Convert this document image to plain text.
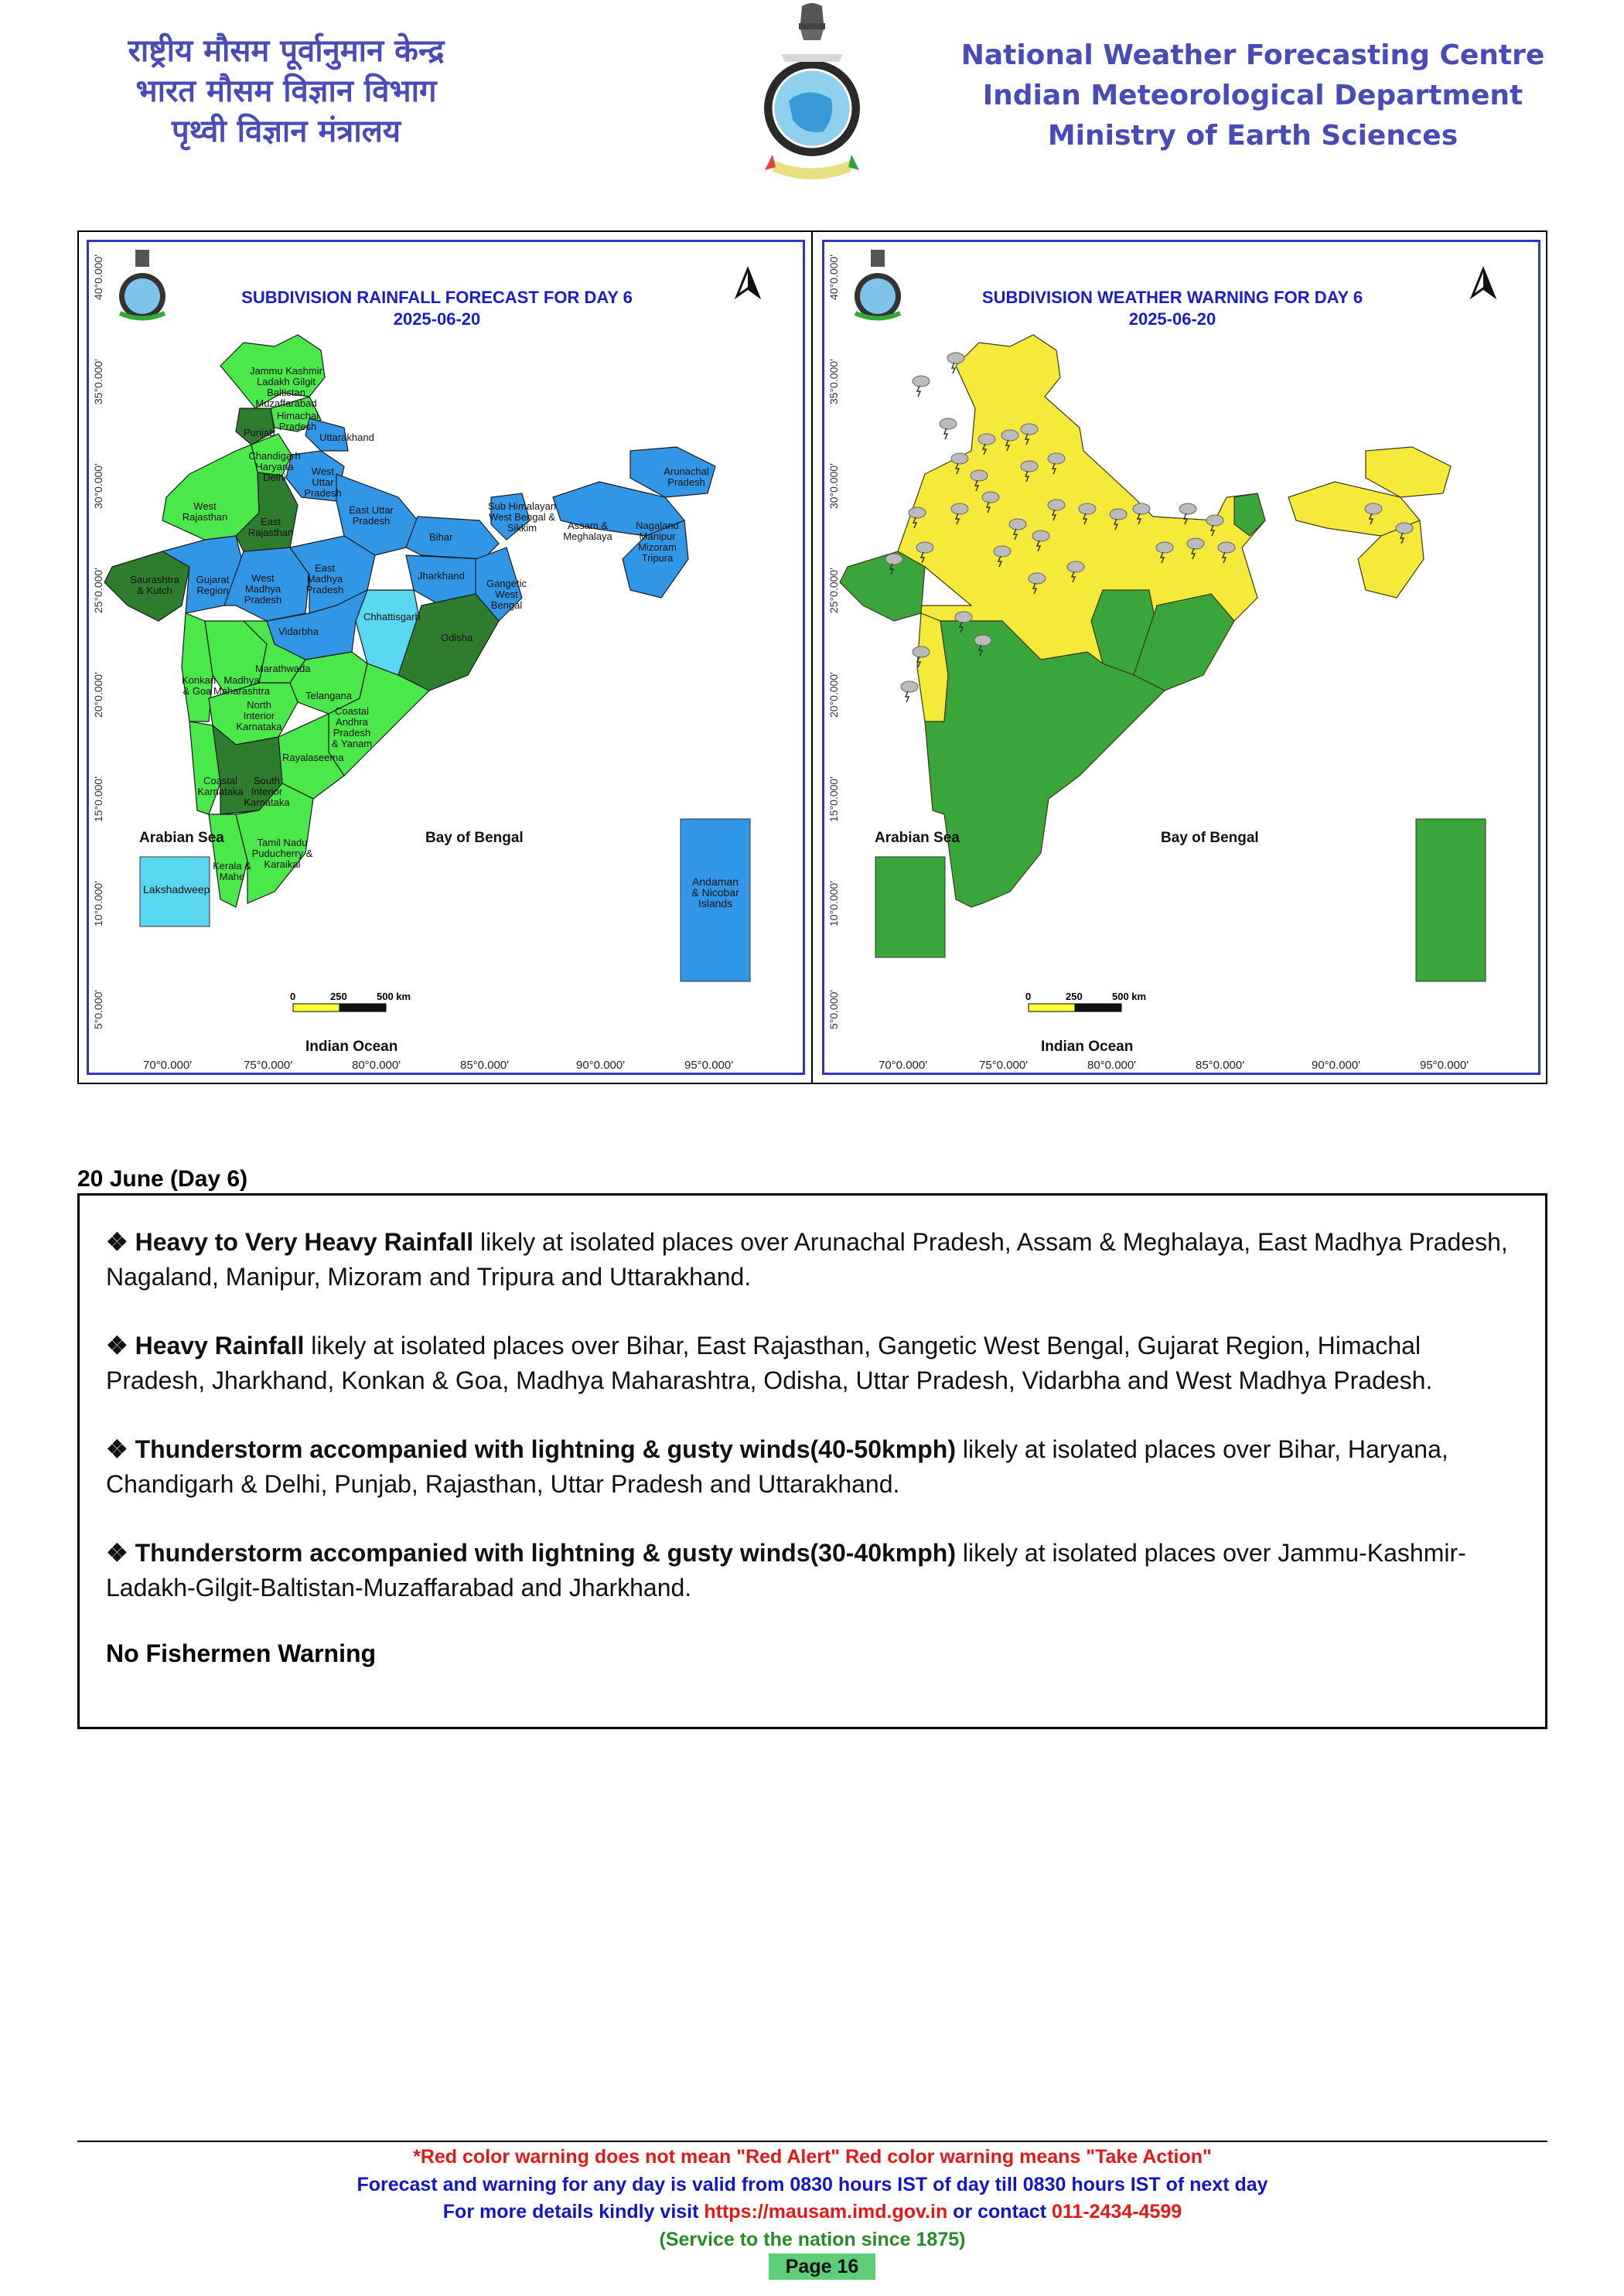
राष्ट्रीय मौसम पूर्वानुमान केन्द्र
भारत मौसम विज्ञान विभाग
पृथ्वी विज्ञान मंत्रालय
National Weather Forecasting Centre
Indian Meteorological Department
Ministry of Earth Sciences
SUBDIVISION RAINFALL FORECAST FOR DAY 6
2025-06-20
Jammu Kashmir Ladakh Gilgit Baltistan Muzaffarabad
Himachal Pradesh
Punjab	Uttarakhand
Chandigarh Haryana Delhi
West Uttar Pradesh
West Rajasthan	East Rajasthan
East Uttar Pradesh
Bihar
Sub Himalayan West Bengal & Sikkim
Arunachal Pradesh
Assam & Meghalaya
Nagaland Manipur Mizoram Tripura
Saurashtra & Kutch
Gujarat Region
West Madhya Pradesh
East Madhya Pradesh
Jharkhand
Gangetic West Bengal
Chhattisgarh
Vidarbha
Odisha
Konkan & Goa
Madhya Maharashtra
Marathwada
North Interior Karnataka
Telangana
Coastal Andhra Pradesh & Yanam
Rayalaseema
Coastal Karnataka
South Interior Karnataka
Tamil Nadu Puducherry & Karaikal
Kerala & Mahe
Lakshadweep
Andaman & Nicobar Islands
Arabian Sea	Bay of Bengal
Indian Ocean
0	250	500 km
40°0.000'
35°0.000'
30°0.000'
25°0.000'
20°0.000'
15°0.000'
10°0.000'
5°0.000'
70°0.000'	75°0.000'	80°0.000'	85°0.000'	90°0.000'	95°0.000'
SUBDIVISION WEATHER WARNING FOR DAY 6
2025-06-20
Arabian Sea	Bay of Bengal
Indian Ocean
0	250	500 km
40°0.000'
35°0.000'
30°0.000'
25°0.000'
20°0.000'
15°0.000'
10°0.000'
5°0.000'
70°0.000'	75°0.000'	80°0.000'	85°0.000'	90°0.000'	95°0.000'
20 June (Day 6)

❖ Heavy to Very Heavy Rainfall likely at isolated places over Arunachal Pradesh, Assam & Meghalaya, East Madhya Pradesh, Nagaland, Manipur, Mizoram and Tripura and Uttarakhand.

❖ Heavy Rainfall likely at isolated places over Bihar, East Rajasthan, Gangetic West Bengal, Gujarat Region, Himachal Pradesh, Jharkhand, Konkan & Goa, Madhya Maharashtra, Odisha, Uttar Pradesh, Vidarbha and West Madhya Pradesh.

❖ Thunderstorm accompanied with lightning & gusty winds(40-50kmph) likely at isolated places over Bihar, Haryana, Chandigarh & Delhi, Punjab, Rajasthan, Uttar Pradesh and Uttarakhand.

❖ Thunderstorm accompanied with lightning & gusty winds(30-40kmph) likely at isolated places over Jammu-Kashmir-Ladakh-Gilgit-Baltistan-Muzaffarabad and Jharkhand.

No Fishermen Warning

*Red color warning does not mean "Red Alert" Red color warning means "Take Action"
Forecast and warning for any day is valid from 0830 hours IST of day till 0830 hours IST of next day
For more details kindly visit https://mausam.imd.gov.in or contact 011-2434-4599
(Service to the nation since 1875)
Page 16
